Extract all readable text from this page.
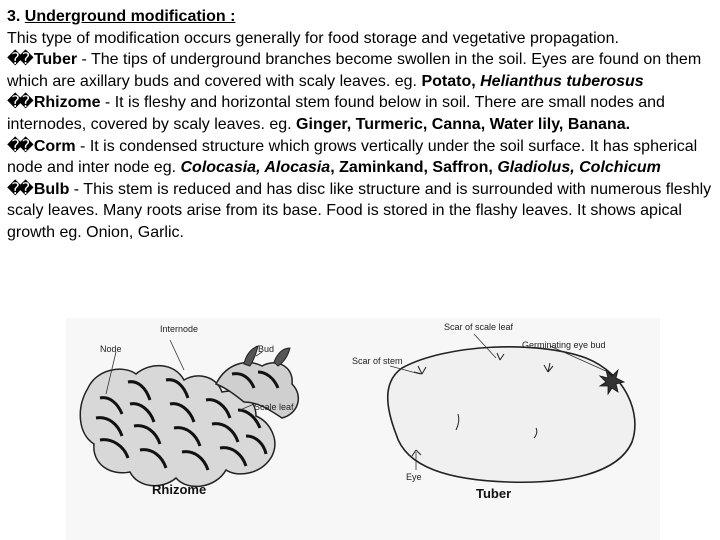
3. Underground modification :

This type of modification occurs generally for food storage and vegetative propagation.

�� Tuber - The tips of underground branches become swollen in the soil. Eyes are found on them which are axillary buds and covered with scaly leaves. eg. Potato, Helianthus tuberosus

�� Rhizome - It is fleshy and horizontal stem found below in soil. There are small nodes and internodes, covered by scaly leaves. eg. Ginger, Turmeric, Canna, Water lily, Banana.

�� Corm - It is condensed structure which grows vertically under the soil surface. It has spherical node and inter node eg. Colocasia, Alocasia, Zaminkand, Saffron, Gladiolus, Colchicum

�� Bulb - This stem is reduced and has disc like structure and is surrounded with numerous fleshly scaly leaves. Many roots arise from its base. Food is stored in the flashy leaves. It shows apical growth eg. Onion, Garlic.

Internode
Node	Bud
Scale leaf
Rhizome
Scar of scale leaf
Germinating eye bud
Scar of stem
Eye
Tuber
